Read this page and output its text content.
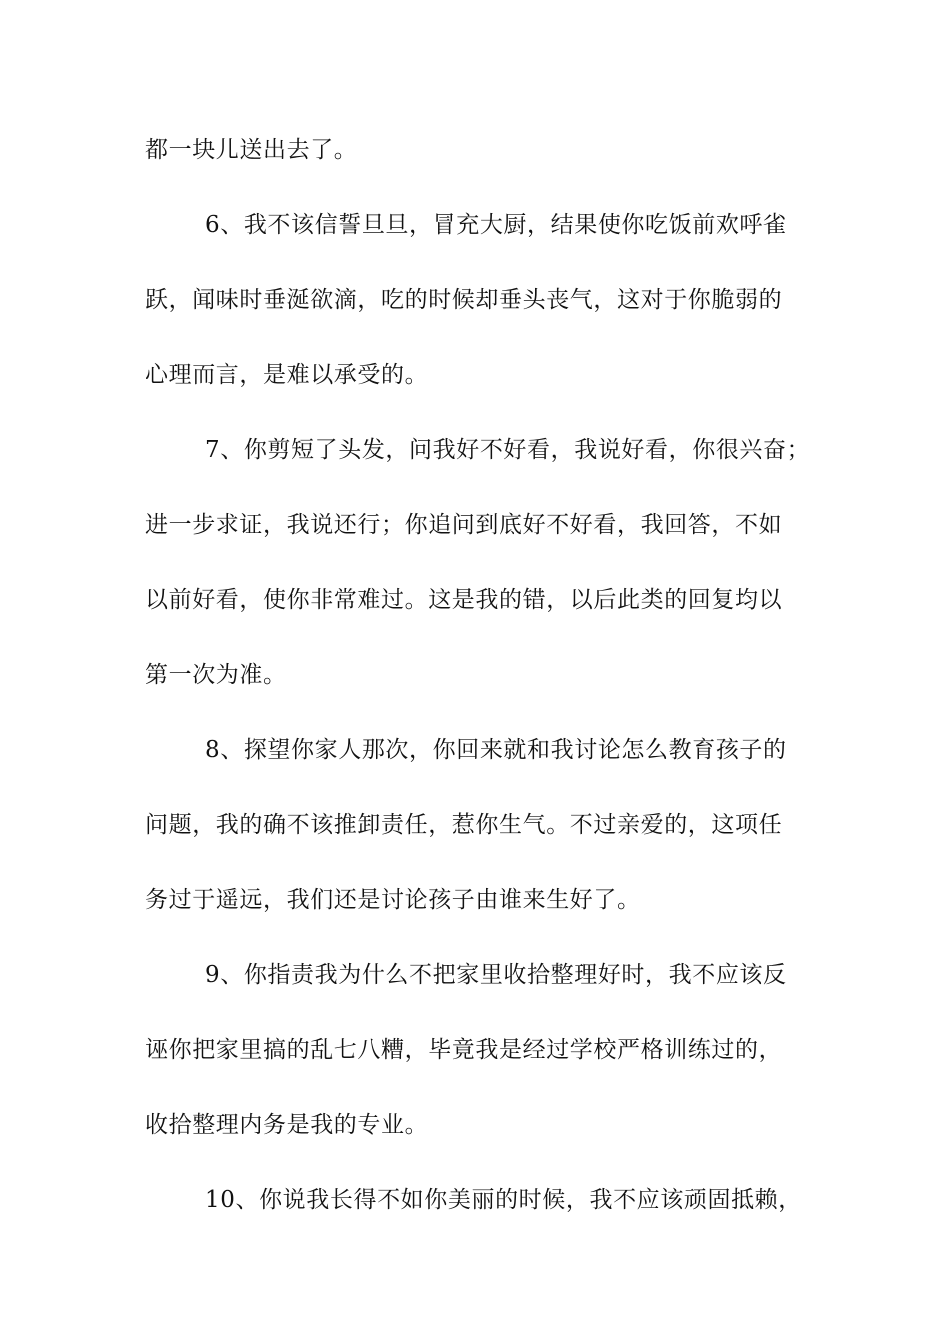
都一块儿送出去了。
6、我不该信誓旦旦，冒充大厨，结果使你吃饭前欢呼雀
跃，闻味时垂涎欲滴，吃的时候却垂头丧气，这对于你脆弱的
心理而言，是难以承受的。
7、你剪短了头发，问我好不好看，我说好看，你很兴奋；
进一步求证，我说还行；你追问到底好不好看，我回答，不如
以前好看，使你非常难过。这是我的错，以后此类的回复均以
第一次为准。
8、探望你家人那次，你回来就和我讨论怎么教育孩子的
问题，我的确不该推卸责任，惹你生气。不过亲爱的，这项任
务过于遥远，我们还是讨论孩子由谁来生好了。
9、你指责我为什么不把家里收拾整理好时，我不应该反
诬你把家里搞的乱七八糟，毕竟我是经过学校严格训练过的，
收拾整理内务是我的专业。
10、你说我长得不如你美丽的时候，我不应该顽固抵赖，
